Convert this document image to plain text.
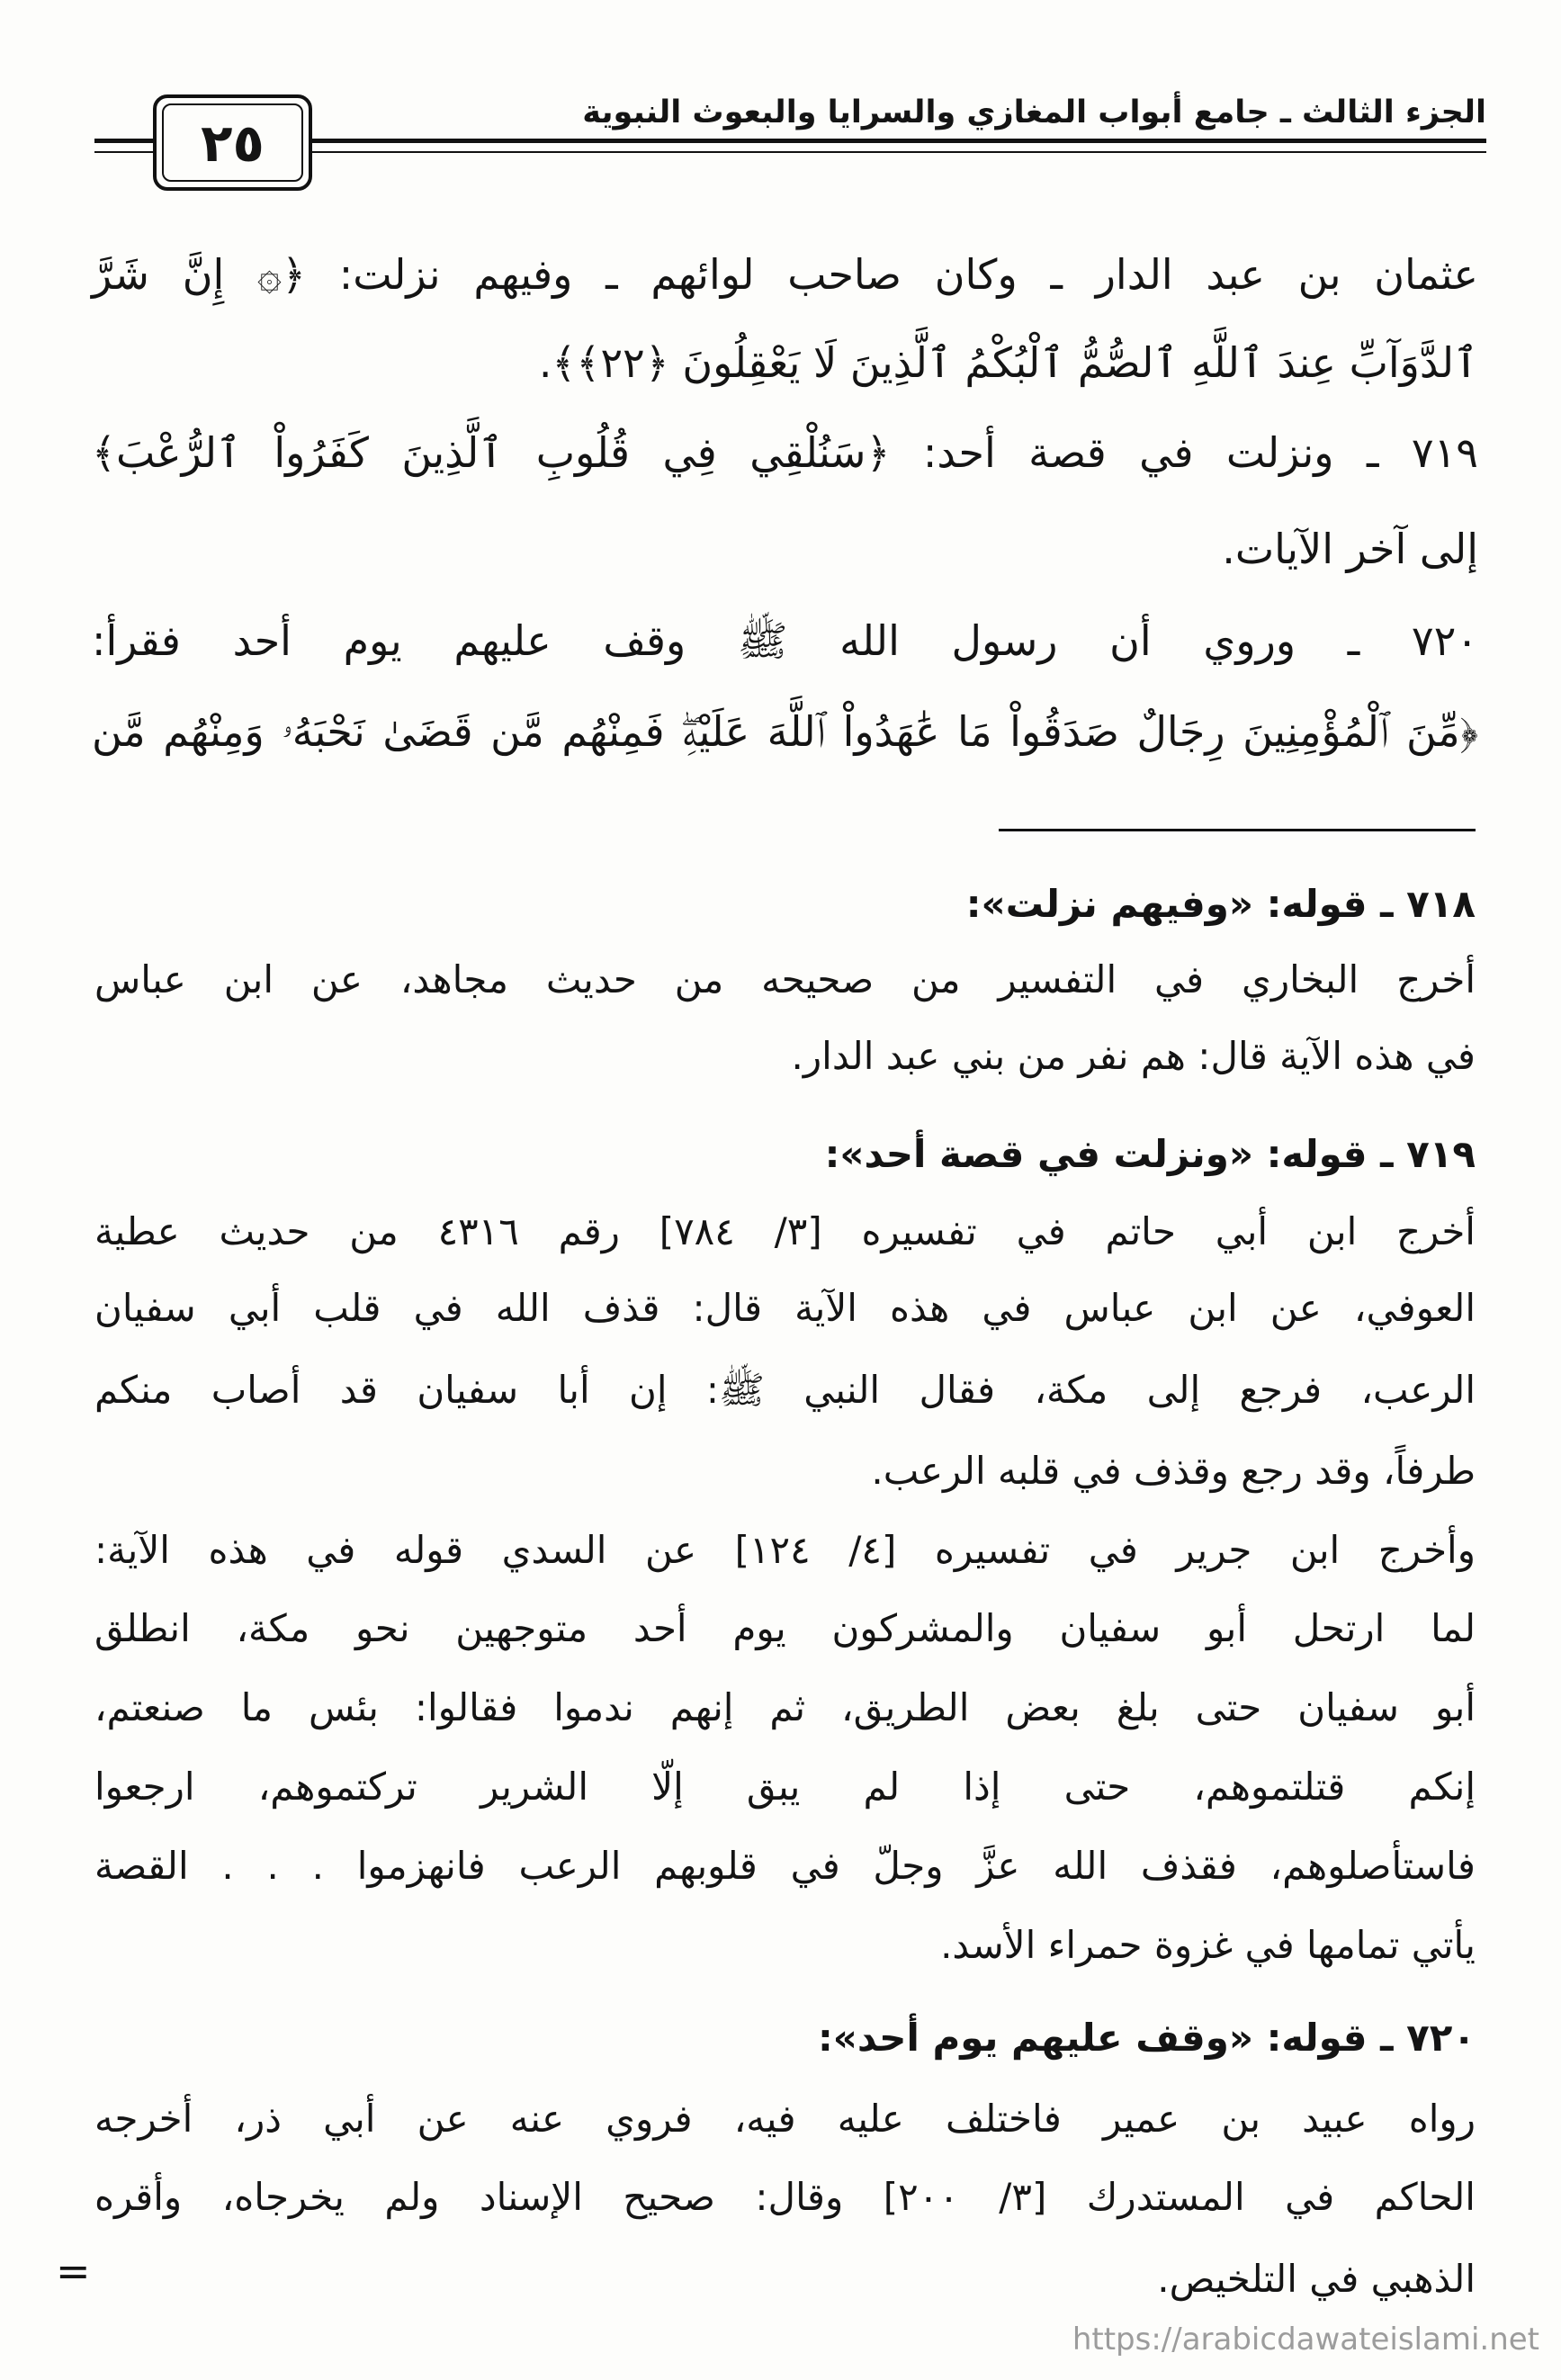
الجزء الثالث ـ جامع أبواب المغازي والسرايا والبعوث النبوية
٢٥
عثمان بن عبد الدار ـ وكان صاحب لوائهم ـ وفيهم نزلت: ﴿۞ إِنَّ شَرَّ
ٱلدَّوَآبِّ عِندَ ٱللَّهِ ٱلصُّمُّ ٱلْبُكْمُ ٱلَّذِينَ لَا يَعْقِلُونَ ﴿٢٢﴾﴾.
٧١٩ ـ ونزلت في قصة أحد: ﴿سَنُلْقِي فِي قُلُوبِ ٱلَّذِينَ كَفَرُواْ ٱلرُّعْبَ﴾
إلى آخر الآيات.
٧٢٠ ـ وروي أن رسول الله ﷺ وقف عليهم يوم أحد فقرأ:
﴿مِّنَ ٱلْمُؤْمِنِينَ رِجَالٌ صَدَقُواْ مَا عَٰهَدُواْ ٱللَّهَ عَلَيْهِۖ فَمِنْهُم مَّن قَضَىٰ نَحْبَهُۥ وَمِنْهُم مَّن
٧١٨ ـ قوله: «وفيهم نزلت»:
أخرج البخاري في التفسير من صحيحه من حديث مجاهد، عن ابن عباس
في هذه الآية قال: هم نفر من بني عبد الدار.
٧١٩ ـ قوله: «ونزلت في قصة أحد»:
أخرج ابن أبي حاتم في تفسيره [٣/ ٧٨٤] رقم ٤٣١٦ من حديث عطية
العوفي، عن ابن عباس في هذه الآية قال: قذف الله في قلب أبي سفيان
الرعب، فرجع إلى مكة، فقال النبي ﷺ: إن أبا سفيان قد أصاب منكم
طرفاً، وقد رجع وقذف في قلبه الرعب.
وأخرج ابن جرير في تفسيره [٤/ ١٢٤] عن السدي قوله في هذه الآية:
لما ارتحل أبو سفيان والمشركون يوم أحد متوجهين نحو مكة، انطلق
أبو سفيان حتى بلغ بعض الطريق، ثم إنهم ندموا فقالوا: بئس ما صنعتم،
إنكم قتلتموهم، حتى إذا لم يبق إلّا الشرير تركتموهم، ارجعوا
فاستأصلوهم، فقذف الله عزَّ وجلّ في قلوبهم الرعب فانهزموا . . . القصة
يأتي تمامها في غزوة حمراء الأسد.
٧٢٠ ـ قوله: «وقف عليهم يوم أحد»:
رواه عبيد بن عمير فاختلف عليه فيه، فروي عنه عن أبي ذر، أخرجه
الحاكم في المستدرك [٣/ ٢٠٠] وقال: صحيح الإسناد ولم يخرجاه، وأقره
الذهبي في التلخيص.
=
https://arabicdawateislami.net
